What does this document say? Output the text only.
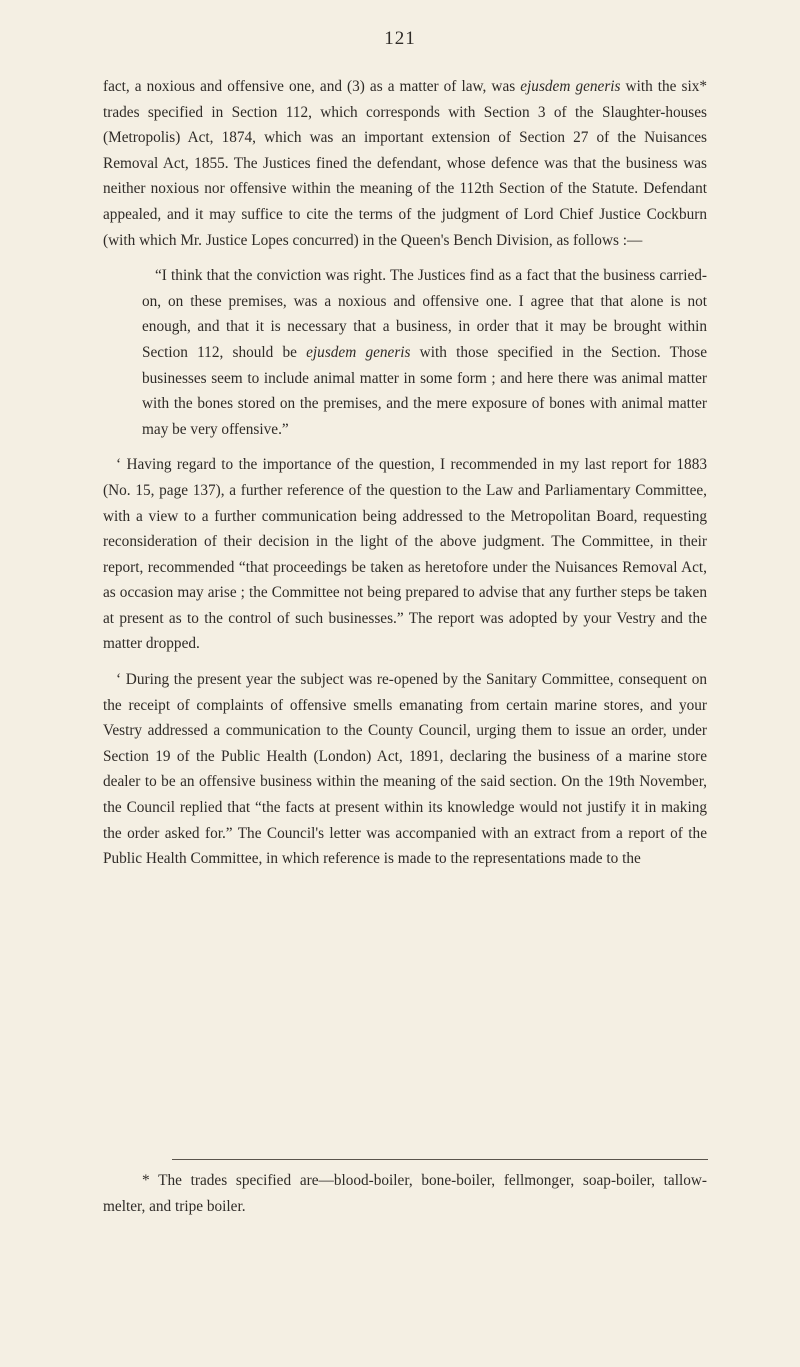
121

fact, a noxious and offensive one, and (3) as a matter of law, was ejusdem generis with the six* trades specified in Section 112, which corresponds with Section 3 of the Slaughter-houses (Metropolis) Act, 1874, which was an important extension of Section 27 of the Nuisances Removal Act, 1855. The Justices fined the defendant, whose defence was that the business was neither noxious nor offensive within the meaning of the 112th Section of the Statute. Defendant appealed, and it may suffice to cite the terms of the judgment of Lord Chief Justice Cockburn (with which Mr. Justice Lopes concurred) in the Queen's Bench Division, as follows :—

“I think that the conviction was right. The Justices find as a fact that the business carried-on, on these premises, was a noxious and offensive one. I agree that that alone is not enough, and that it is necessary that a business, in order that it may be brought within Section 112, should be ejusdem generis with those specified in the Section. Those businesses seem to include animal matter in some form ; and here there was animal matter with the bones stored on the premises, and the mere exposure of bones with animal matter may be very offensive.”

‘ Having regard to the importance of the question, I recommended in my last report for 1883 (No. 15, page 137), a further reference of the question to the Law and Parliamentary Committee, with a view to a further communication being addressed to the Metropolitan Board, requesting reconsideration of their decision in the light of the above judgment. The Committee, in their report, recommended “that proceedings be taken as heretofore under the Nuisances Removal Act, as occasion may arise ; the Committee not being prepared to advise that any further steps be taken at present as to the control of such businesses.” The report was adopted by your Vestry and the matter dropped.

‘ During the present year the subject was re-opened by the Sanitary Committee, consequent on the receipt of complaints of offensive smells emanating from certain marine stores, and your Vestry addressed a communication to the County Council, urging them to issue an order, under Section 19 of the Public Health (London) Act, 1891, declaring the business of a marine store dealer to be an offensive business within the meaning of the said section. On the 19th November, the Council replied that “the facts at present within its knowledge would not justify it in making the order asked for.” The Council's letter was accompanied with an extract from a report of the Public Health Committee, in which reference is made to the representations made to the

* The trades specified are—blood-boiler, bone-boiler, fellmonger, soap-boiler, tallow-melter, and tripe boiler.
